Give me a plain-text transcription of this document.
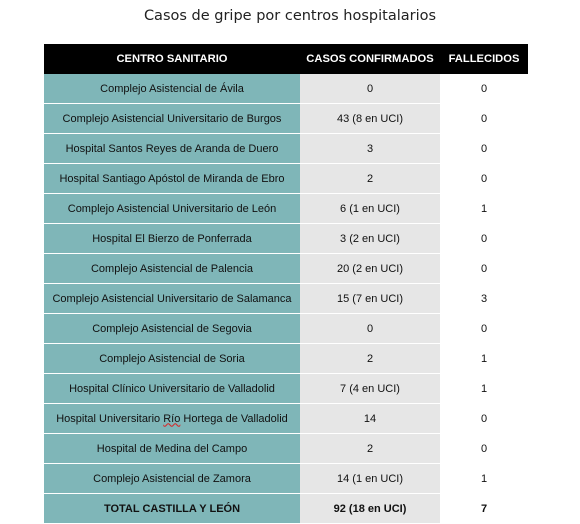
Casos de gripe por centros hospitalarios
CENTRO SANITARIO	CASOS CONFIRMADOS	FALLECIDOS
Complejo Asistencial de Ávila	0	0
Complejo Asistencial Universitario de Burgos	43 (8 en UCI)	0
Hospital Santos Reyes de Aranda de Duero	3	0
Hospital Santiago Apóstol de Miranda de Ebro	2	0
Complejo Asistencial Universitario de León	6 (1 en UCI)	1
Hospital El Bierzo de Ponferrada	3 (2 en UCI)	0
Complejo Asistencial de Palencia	20 (2 en UCI)	0
Complejo Asistencial Universitario de Salamanca	15 (7 en UCI)	3
Complejo Asistencial de Segovia	0	0
Complejo Asistencial de Soria	2	1
Hospital Clínico Universitario de Valladolid	7 (4 en UCI)	1
Hospital Universitario Río Hortega de Valladolid	14	0
Hospital de Medina del Campo	2	0
Complejo Asistencial de Zamora	14 (1 en UCI)	1
TOTAL CASTILLA Y LEÓN	92 (18 en UCI)	7
